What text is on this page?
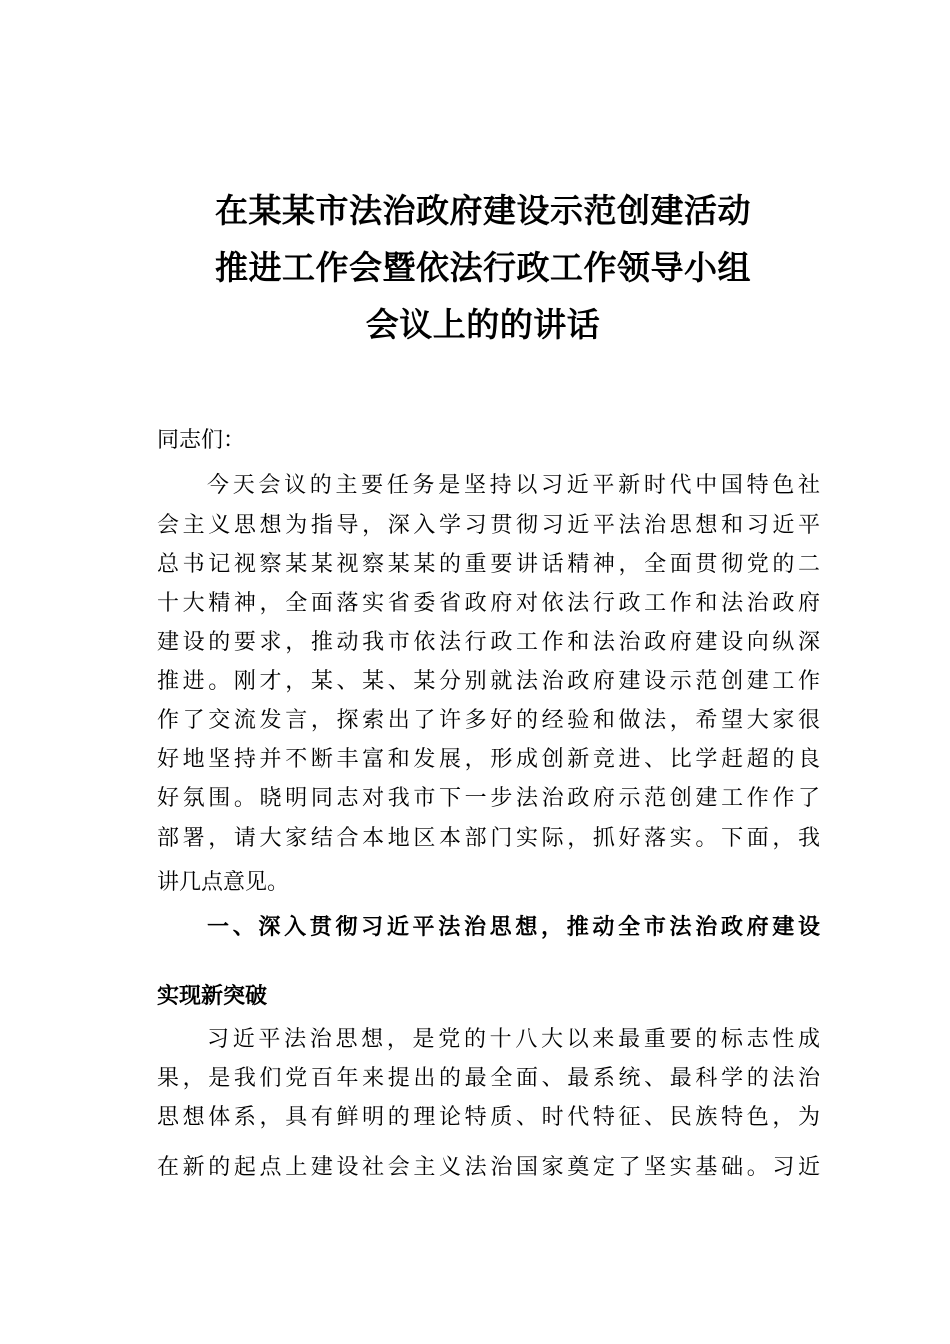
在某某市法治政府建设示范创建活动
推进工作会暨依法行政工作领导小组
会议上的的讲话
同志们：
今天会议的主要任务是坚持以习近平新时代中国特色社
会主义思想为指导，深入学习贯彻习近平法治思想和习近平
总书记视察某某视察某某的重要讲话精神，全面贯彻党的二
十大精神，全面落实省委省政府对依法行政工作和法治政府
建设的要求，推动我市依法行政工作和法治政府建设向纵深
推进。刚才，某、某、某分别就法治政府建设示范创建工作
作了交流发言，探索出了许多好的经验和做法，希望大家很
好地坚持并不断丰富和发展，形成创新竞进、比学赶超的良
好氛围。晓明同志对我市下一步法治政府示范创建工作作了
部署，请大家结合本地区本部门实际，抓好落实。下面，我
讲几点意见。
一、深入贯彻习近平法治思想，推动全市法治政府建设
实现新突破
习近平法治思想，是党的十八大以来最重要的标志性成
果，是我们党百年来提出的最全面、最系统、最科学的法治
思想体系，具有鲜明的理论特质、时代特征、民族特色，为
在新的起点上建设社会主义法治国家奠定了坚实基础。习近
